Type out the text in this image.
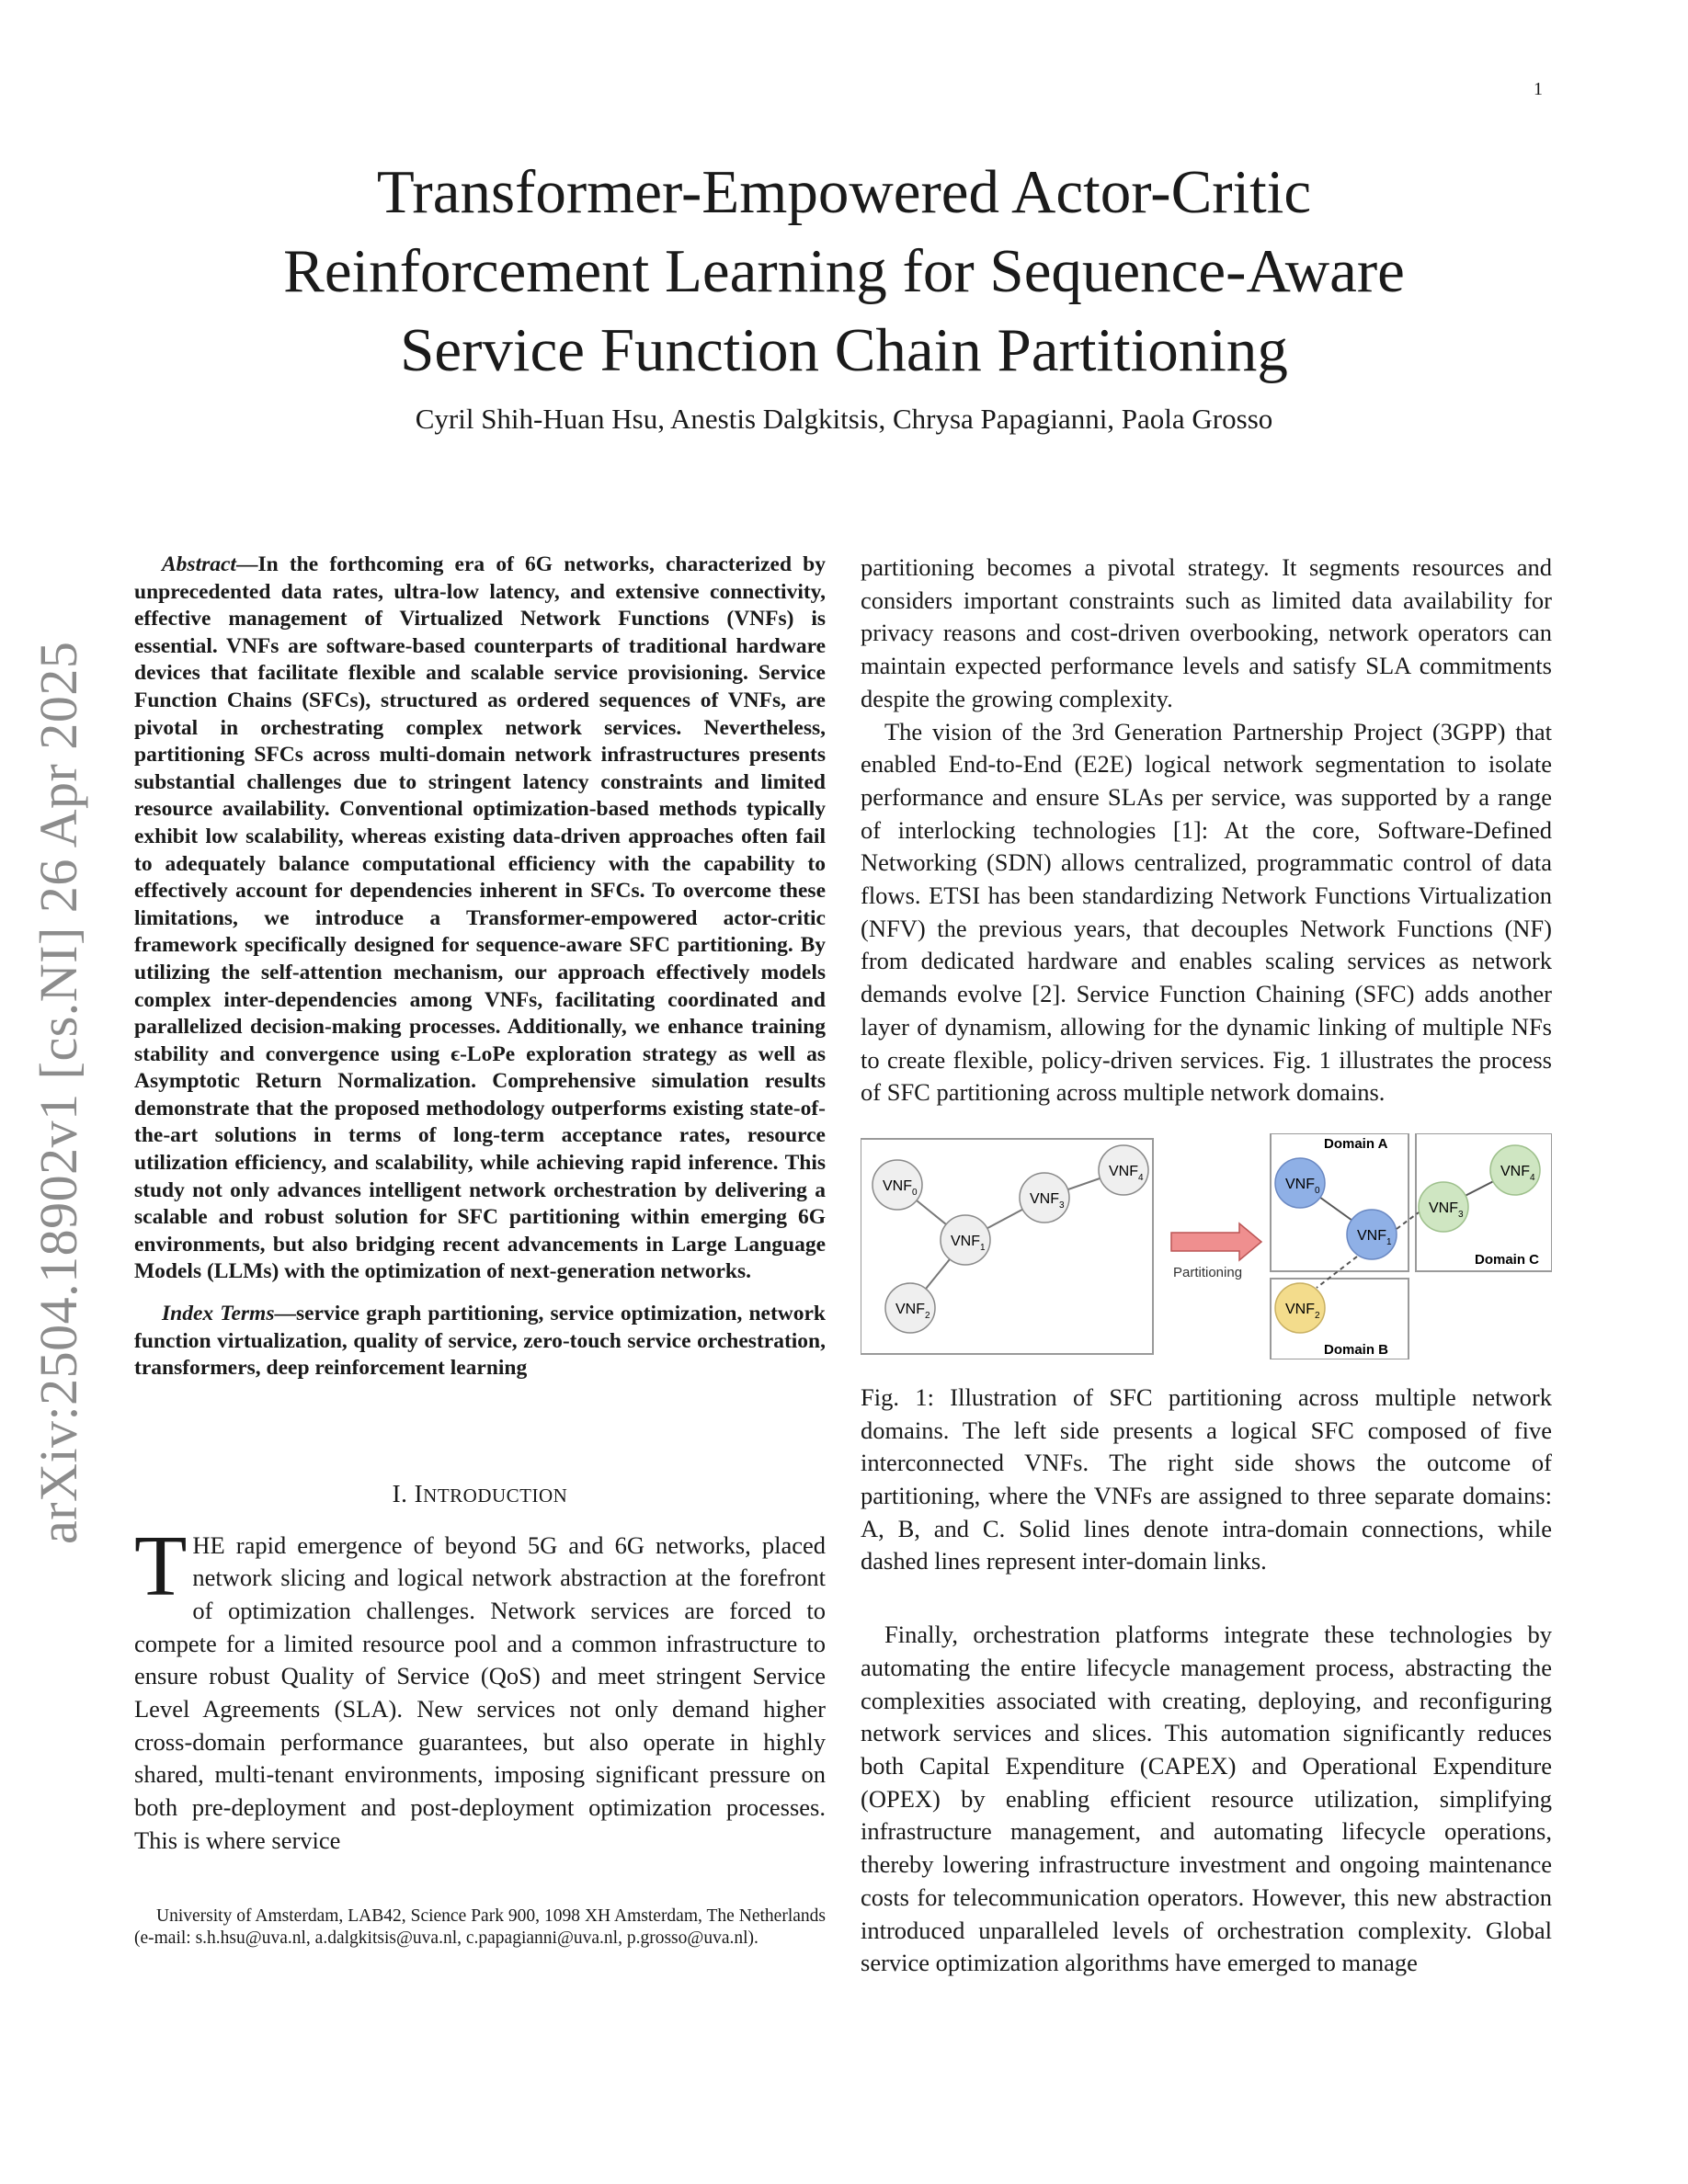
1
Transformer-Empowered Actor-Critic
Reinforcement Learning for Sequence-Aware
Service Function Chain Partitioning
Cyril Shih-Huan Hsu, Anestis Dalgkitsis, Chrysa Papagianni, Paola Grosso
arXiv:2504.18902v1 [cs.NI] 26 Apr 2025

Abstract—In the forthcoming era of 6G networks, characterized by unprecedented data rates, ultra-low latency, and extensive connectivity, effective management of Virtualized Network Functions (VNFs) is essential. VNFs are software-based counterparts of traditional hardware devices that facilitate flexible and scalable service provisioning. Service Function Chains (SFCs), structured as ordered sequences of VNFs, are pivotal in orchestrating complex network services. Nevertheless, partitioning SFCs across multi-domain network infrastructures presents substantial challenges due to stringent latency constraints and limited resource availability. Conventional optimization-based methods typically exhibit low scalability, whereas existing data-driven approaches often fail to adequately balance computational efficiency with the capability to effectively account for dependencies inherent in SFCs. To overcome these limitations, we introduce a Transformer-empowered actor-critic framework specifically designed for sequence-aware SFC partitioning. By utilizing the self-attention mechanism, our approach effectively models complex inter-dependencies among VNFs, facilitating coordinated and parallelized decision-making processes. Additionally, we enhance training stability and convergence using ϵ-LoPe exploration strategy as well as Asymptotic Return Normalization. Comprehensive simulation results demonstrate that the proposed methodology outperforms existing state-of-the-art solutions in terms of long-term acceptance rates, resource utilization efficiency, and scalability, while achieving rapid inference. This study not only advances intelligent network orchestration by delivering a scalable and robust solution for SFC partitioning within emerging 6G environments, but also bridging recent advancements in Large Language Models (LLMs) with the optimization of next-generation networks.

Index Terms—service graph partitioning, service optimization, network function virtualization, quality of service, zero-touch service orchestration, transformers, deep reinforcement learning

I. INTRODUCTION

THE rapid emergence of beyond 5G and 6G networks, placed network slicing and logical network abstraction at the forefront of optimization challenges. Network services are forced to compete for a limited resource pool and a common infrastructure to ensure robust Quality of Service (QoS) and meet stringent Service Level Agreements (SLA). New services not only demand higher cross-domain performance guarantees, but also operate in highly shared, multi-tenant environments, imposing significant pressure on both pre-deployment and post-deployment optimization processes. This is where service

University of Amsterdam, LAB42, Science Park 900, 1098 XH Amsterdam, The Netherlands (e-mail: s.h.hsu@uva.nl, a.dalgkitsis@uva.nl, c.papagianni@uva.nl, p.grosso@uva.nl).

partitioning becomes a pivotal strategy. It segments resources and considers important constraints such as limited data availability for privacy reasons and cost-driven overbooking, network operators can maintain expected performance levels and satisfy SLA commitments despite the growing complexity.

The vision of the 3rd Generation Partnership Project (3GPP) that enabled End-to-End (E2E) logical network segmentation to isolate performance and ensure SLAs per service, was supported by a range of interlocking technologies [1]: At the core, Software-Defined Networking (SDN) allows centralized, programmatic control of data flows. ETSI has been standardizing Network Functions Virtualization (NFV) the previous years, that decouples Network Functions (NF) from dedicated hardware and enables scaling services as network demands evolve [2]. Service Function Chaining (SFC) adds another layer of dynamism, allowing for the dynamic linking of multiple NFs to create flexible, policy-driven services. Fig. 1 illustrates the process of SFC partitioning across multiple network domains.

$VNF_0$
$VNF_1$
$VNF_2$
$VNF_3$
$VNF_4$
Partitioning
Domain A
$VNF_0$
$VNF_1$
Domain C
$VNF_3$
$VNF_4$
Domain B
$VNF_2$

Fig. 1: Illustration of SFC partitioning across multiple network domains. The left side presents a logical SFC composed of five interconnected VNFs. The right side shows the outcome of partitioning, where the VNFs are assigned to three separate domains: A, B, and C. Solid lines denote intra-domain connections, while dashed lines represent inter-domain links.

Finally, orchestration platforms integrate these technologies by automating the entire lifecycle management process, abstracting the complexities associated with creating, deploying, and reconfiguring network services and slices. This automation significantly reduces both Capital Expenditure (CAPEX) and Operational Expenditure (OPEX) by enabling efficient resource utilization, simplifying infrastructure management, and automating lifecycle operations, thereby lowering infrastructure investment and ongoing maintenance costs for telecommunication operators. However, this new abstraction introduced unparalleled levels of orchestration complexity. Global service optimization algorithms have emerged to manage
